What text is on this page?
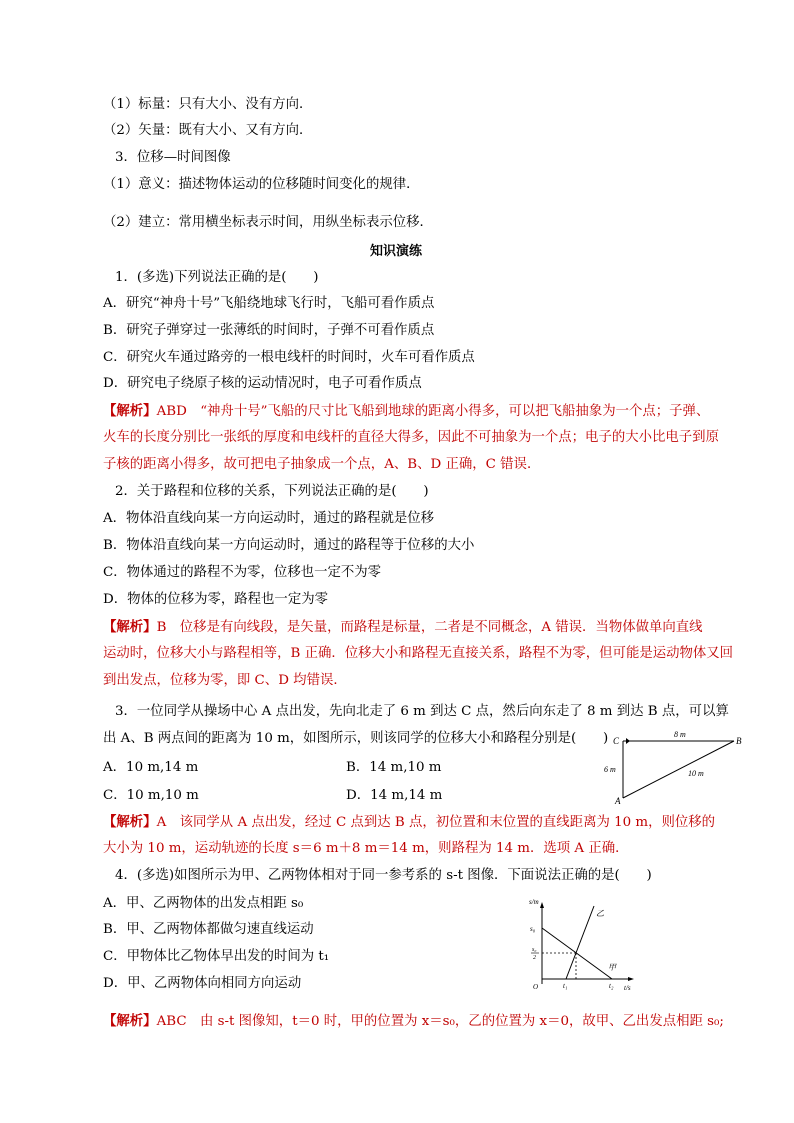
（1）标量：只有大小、没有方向．
（2）矢量：既有大小、又有方向．
3．位移—时间图像
（1）意义：描述物体运动的位移随时间变化的规律．
（2）建立：常用横坐标表示时间，用纵坐标表示位移．
知识演练
1．(多选)下列说法正确的是(　　)
A．研究“神舟十号”飞船绕地球飞行时，飞船可看作质点
B．研究子弹穿过一张薄纸的时间时，子弹不可看作质点
C．研究火车通过路旁的一根电线杆的时间时，火车可看作质点
D．研究电子绕原子核的运动情况时，电子可看作质点
【解析】ABD　“神舟十号”飞船的尺寸比飞船到地球的距离小得多，可以把飞船抽象为一个点；子弹、
火车的长度分别比一张纸的厚度和电线杆的直径大得多，因此不可抽象为一个点；电子的大小比电子到原
子核的距离小得多，故可把电子抽象成一个点，A、B、D 正确，C 错误．
2．关于路程和位移的关系，下列说法正确的是(　　)
A．物体沿直线向某一方向运动时，通过的路程就是位移
B．物体沿直线向某一方向运动时，通过的路程等于位移的大小
C．物体通过的路程不为零，位移也一定不为零
D．物体的位移为零，路程也一定为零
【解析】B　位移是有向线段，是矢量，而路程是标量，二者是不同概念，A 错误．当物体做单向直线
运动时，位移大小与路程相等，B 正确．位移大小和路程无直接关系，路程不为零，但可能是运动物体又回
到出发点，位移为零，即 C、D 均错误．
3．一位同学从操场中心 A 点出发，先向北走了 6 m 到达 C 点，然后向东走了 8 m 到达 B 点，可以算
出 A、B 两点间的距离为 10 m，如图所示，则该同学的位移大小和路程分别是(　　)
A．10 m,14 m	B．14 m,10 m
C．10 m,10 m	D．14 m,14 m
【解析】A　该同学从 A 点出发，经过 C 点到达 B 点，初位置和末位置的直线距离为 10 m，则位移的
大小为 10 m，运动轨迹的长度 s＝6 m＋8 m＝14 m，则路程为 14 m．选项 A 正确．
C	B
A
8 m
6 m	10 m
4．(多选)如图所示为甲、乙两物体相对于同一参考系的 s-t 图像．下面说法正确的是(　　)
A．甲、乙两物体的出发点相距 s₀
B．甲、乙两物体都做匀速直线运动
C．甲物体比乙物体早出发的时间为 t₁
D．甲、乙两物体向相同方向运动
【解析】ABC　由 s-t 图像知，t＝0 时，甲的位置为 x＝s₀，乙的位置为 x＝0，故甲、乙出发点相距 s₀;
s/m
t/s
O
s₀
s₀
2
t₁	t₂
甲
乙
